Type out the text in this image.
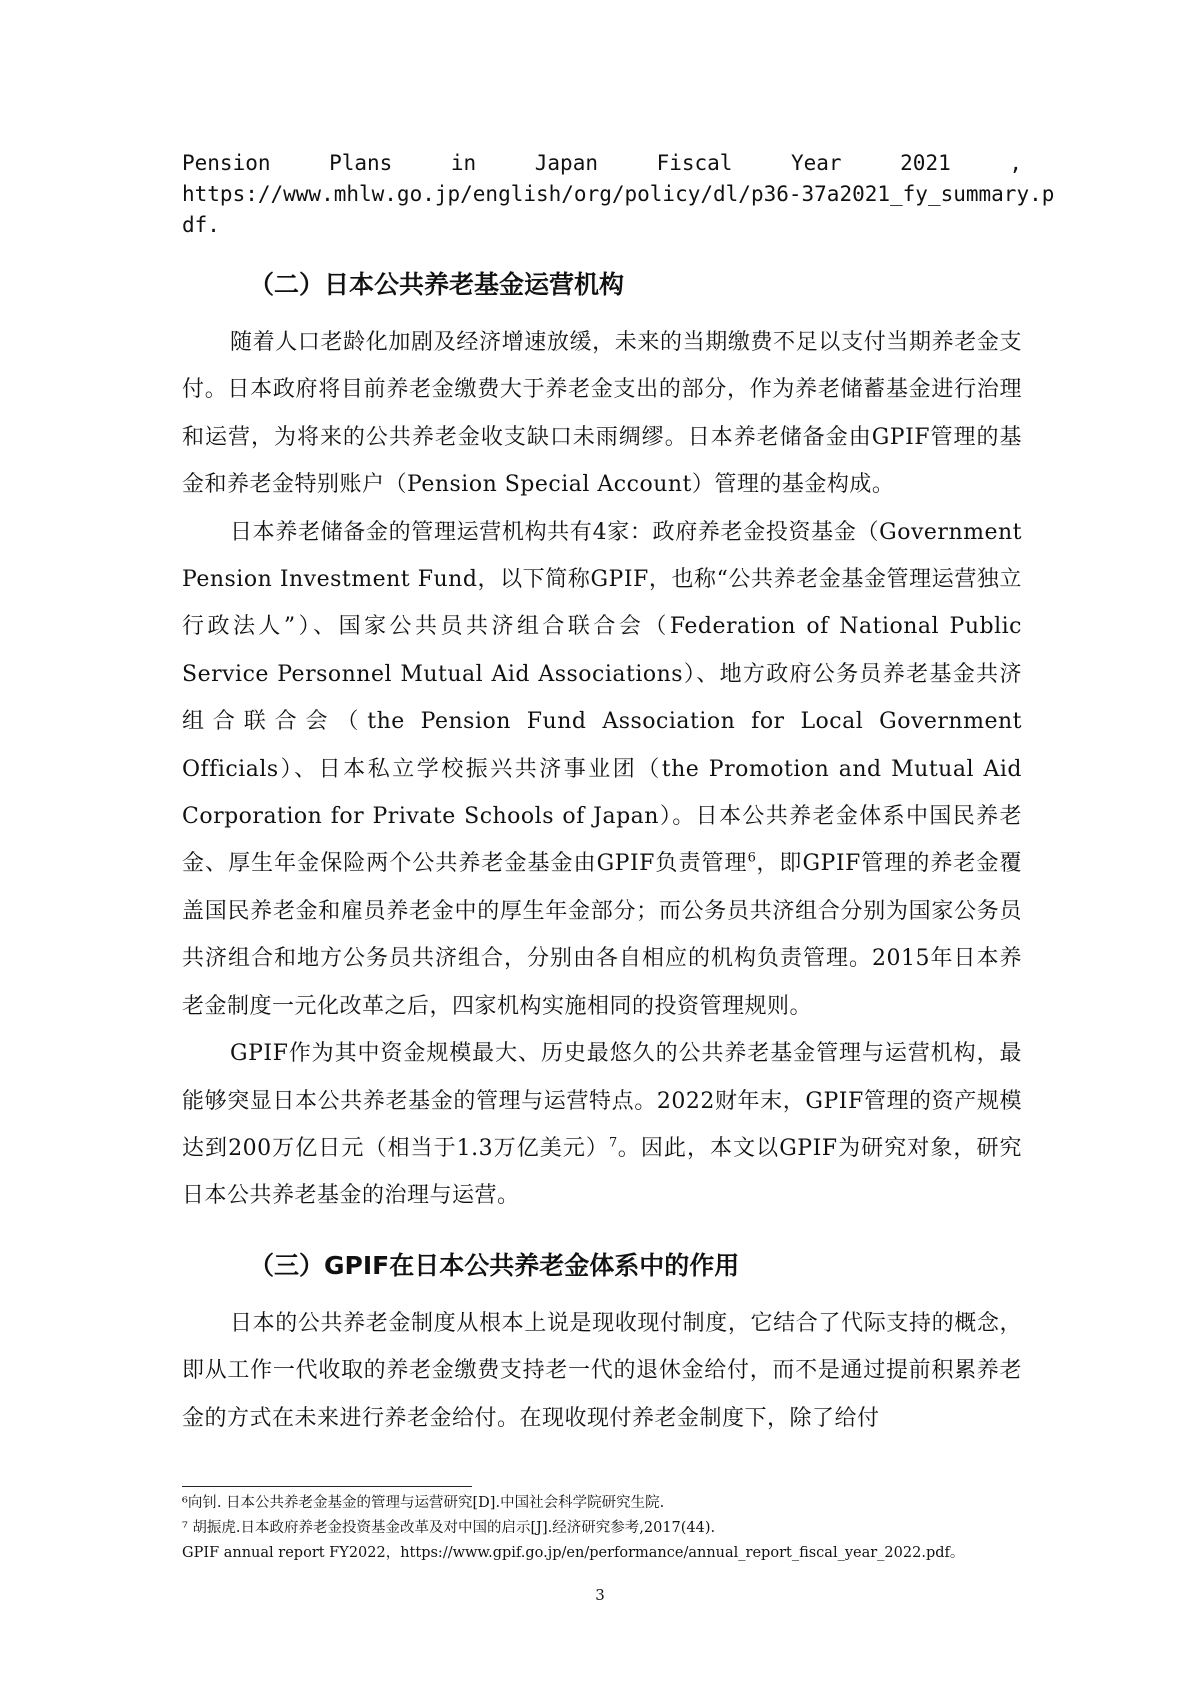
Pension	Plans	in	Japan	Fiscal	Year	2021	,

https://www.mhlw.go.jp/english/org/policy/dl/p36-37a2021_fy_summary.p

df.

（二）日本公共养老基金运营机构

随着人口老龄化加剧及经济增速放缓，未来的当期缴费不足以支付当期养老金支付。日本政府将目前养老金缴费大于养老金支出的部分，作为养老储蓄基金进行治理和运营，为将来的公共养老金收支缺口未雨绸缪。日本养老储备金由GPIF管理的基金和养老金特别账户（Pension Special Account）管理的基金构成。

日本养老储备金的管理运营机构共有4家：政府养老金投资基金（Government Pension Investment Fund，以下简称GPIF，也称“公共养老金基金管理运营独立行政法人”）、国家公共员共济组合联合会（Federation of National Public Service Personnel Mutual Aid Associations）、地方政府公务员养老基金共济组合联合会（the Pension Fund Association for Local Government Officials）、日本私立学校振兴共济事业团（the Promotion and Mutual Aid Corporation for Private Schools of Japan）。日本公共养老金体系中国民养老金、厚生年金保险两个公共养老金基金由GPIF负责管理$^6$，即GPIF管理的养老金覆盖国民养老金和雇员养老金中的厚生年金部分；而公务员共济组合分别为国家公务员共济组合和地方公务员共济组合，分别由各自相应的机构负责管理。2015年日本养老金制度一元化改革之后，四家机构实施相同的投资管理规则。

GPIF作为其中资金规模最大、历史最悠久的公共养老基金管理与运营机构，最能够突显日本公共养老基金的管理与运营特点。2022财年末，GPIF管理的资产规模达到200万亿日元（相当于1.3万亿美元）$^7$。因此，本文以GPIF为研究对象，研究日本公共养老基金的治理与运营。

（三）GPIF在日本公共养老金体系中的作用

日本的公共养老金制度从根本上说是现收现付制度，它结合了代际支持的概念，即从工作一代收取的养老金缴费支持老一代的退休金给付，而不是通过提前积累养老金的方式在未来进行养老金给付。在现收现付养老金制度下，除了给付

⁶向钊. 日本公共养老金基金的管理与运营研究[D].中国社会科学院研究生院.

⁷ 胡振虎.日本政府养老金投资基金改革及对中国的启示[J].经济研究参考,2017(44).

GPIF annual report FY2022，https://www.gpif.go.jp/en/performance/annual_report_fiscal_year_2022.pdf。

3
